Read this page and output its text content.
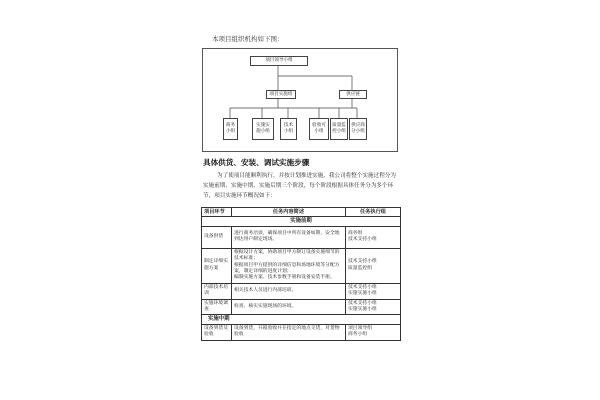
本项目组织机构如下图：
项目领导小组
项目实施组	供应链
商务
小组
实施实
施小组
技术
小组
验收可
小组
质量监
控小组
供应商
分小组
具体供货、安装、调试实施步骤
为了使项目能顺利执行，并按计划推进实施，我公司将整个实施过程分为实施前期、实施中期、实施后期三个阶段，每个阶段根据具体任务分为多个环节，项目实施环节概况如下：
项目环节	任务内容简述	任务执行组
实施前期		
设备供货	进行商务洽谈，确保项目中所有设备如期、安全地到达用户制定现场。	商务组
技术支持小组
制定详细实施方案	根据设计方案，协助项目甲方制订设备实施细节的技术标准；
根据项目甲方提供的详细信息和场地环境等分配方案，制定详细的进度计划；
编制实施方案、技术参数手册和设备安装手册。	技术支持小组
质量监控组
内部技术培训	相关技术人员进行内部培训。	技术支持小组
实施实施小组
实施环境调查	检查、核实实施现场的环境。	技术支持小组
实施实施小组
实施中期		
设备到货及验收	设备到货，开箱验收并在指定的地点交货，对货物验收	项目领导组
商务小组
